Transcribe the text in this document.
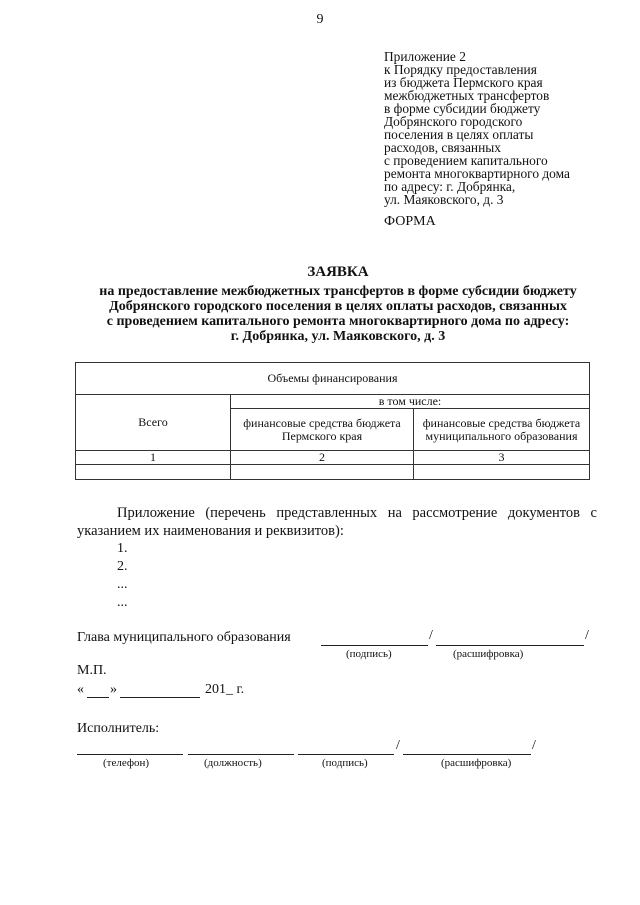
9
Приложение 2
к Порядку предоставления
из бюджета Пермского края
межбюджетных трансфертов
в форме субсидии бюджету
Добрянского городского
поселения в целях оплаты
расходов, связанных
с проведением капитального
ремонта многоквартирного дома
по адресу: г. Добрянка,
ул. Маяковского, д. 3
ФОРМА
ЗАЯВКА
на предоставление межбюджетных трансфертов в форме субсидии бюджету
Добрянского городского поселения в целях оплаты расходов, связанных
с проведением капитального ремонта многоквартирного дома по адресу:
г. Добрянка, ул. Маяковского, д. 3
Объемы финансирования		
Всего	в том числе:	
	финансовые средства бюджета Пермского края	финансовые средства бюджета муниципального образования
1	2	3

Приложение (перечень представленных на рассмотрение документов с указанием их наименования и реквизитов):
1.
2.
...
...
Глава муниципального образования	/	/
(подпись)	(расшифровка)
М.П.
« »	201_ г.
Исполнитель:
/	/
(телефон)	(должность)	(подпись)	(расшифровка)
